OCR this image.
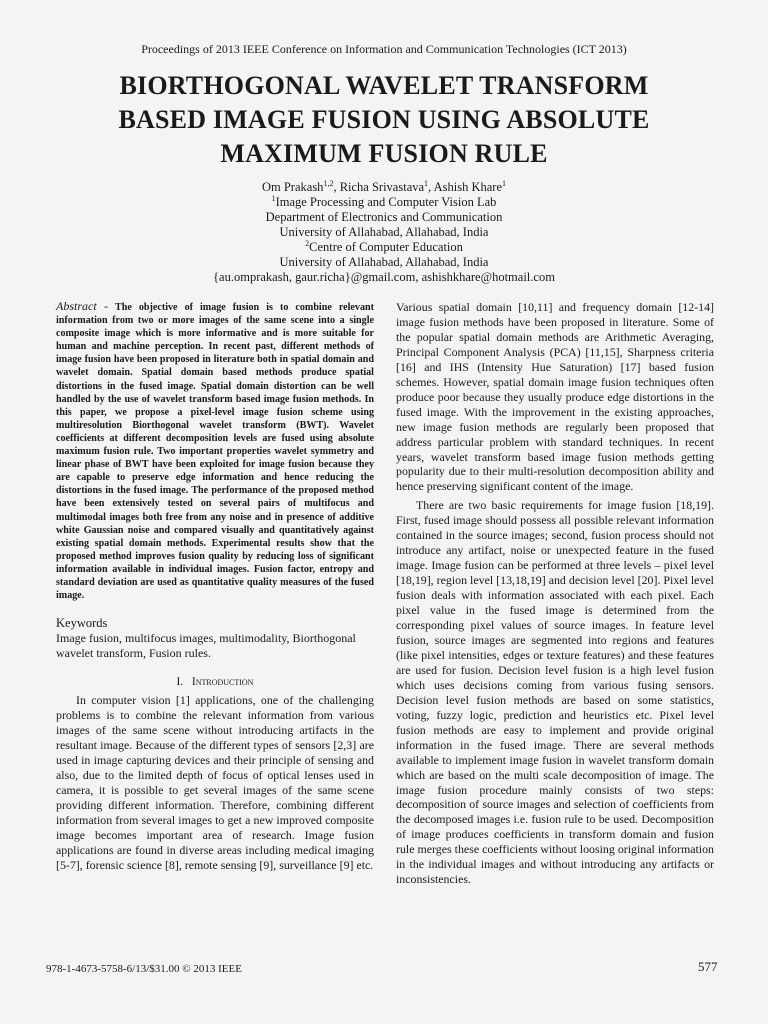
Proceedings of 2013 IEEE Conference on Information and Communication Technologies (ICT 2013)
BIORTHOGONAL WAVELET TRANSFORM
BASED IMAGE FUSION USING ABSOLUTE
MAXIMUM FUSION RULE
Om Prakash$^{1,2}$, Richa Srivastava$^1$, Ashish Khare$^1$
$^1$Image Processing and Computer Vision Lab
Department of Electronics and Communication
University of Allahabad, Allahabad, India
$^2$Centre of Computer Education
University of Allahabad, Allahabad, India
{au.omprakash, gaur.richa}@gmail.com, ashishkhare@hotmail.com
Abstract - The objective of image fusion is to combine relevant information from two or more images of the same scene into a single composite image which is more informative and is more suitable for human and machine perception. In recent past, different methods of image fusion have been proposed in literature both in spatial domain and wavelet domain. Spatial domain based methods produce spatial distortions in the fused image. Spatial domain distortion can be well handled by the use of wavelet transform based image fusion methods. In this paper, we propose a pixel-level image fusion scheme using multiresolution Biorthogonal wavelet transform (BWT). Wavelet coefficients at different decomposition levels are fused using absolute maximum fusion rule. Two important properties wavelet symmetry and linear phase of BWT have been exploited for image fusion because they are capable to preserve edge information and hence reducing the distortions in the fused image. The performance of the proposed method have been extensively tested on several pairs of multifocus and multimodal images both free from any noise and in presence of additive white Gaussian noise and compared visually and quantitatively against existing spatial domain methods. Experimental results show that the proposed method improves fusion quality by reducing loss of significant information available in individual images. Fusion factor, entropy and standard deviation are used as quantitative quality measures of the fused image.
Keywords
Image fusion, multifocus images, multimodality, Biorthogonal wavelet transform, Fusion rules.
I. Introduction

In computer vision [1] applications, one of the challenging problems is to combine the relevant information from various images of the same scene without introducing artifacts in the resultant image. Because of the different types of sensors [2,3] are used in image capturing devices and their principle of sensing and also, due to the limited depth of focus of optical lenses used in camera, it is possible to get several images of the same scene providing different information. Therefore, combining different information from several images to get a new improved composite image becomes important area of research. Image fusion applications are found in diverse areas including medical imaging [5-7], forensic science [8], remote sensing [9], surveillance [9] etc.

Various spatial domain [10,11] and frequency domain [12-14] image fusion methods have been proposed in literature. Some of the popular spatial domain methods are Arithmetic Averaging, Principal Component Analysis (PCA) [11,15], Sharpness criteria [16] and IHS (Intensity Hue Saturation) [17] based fusion schemes. However, spatial domain image fusion techniques often produce poor because they usually produce edge distortions in the fused image. With the improvement in the existing approaches, new image fusion methods are regularly been proposed that address particular problem with standard techniques. In recent years, wavelet transform based image fusion methods getting popularity due to their multi-resolution decomposition ability and hence preserving significant content of the image.

There are two basic requirements for image fusion [18,19]. First, fused image should possess all possible relevant information contained in the source images; second, fusion process should not introduce any artifact, noise or unexpected feature in the fused image. Image fusion can be performed at three levels – pixel level [18,19], region level [13,18,19] and decision level [20]. Pixel level fusion deals with information associated with each pixel. Each pixel value in the fused image is determined from the corresponding pixel values of source images. In feature level fusion, source images are segmented into regions and features (like pixel intensities, edges or texture features) and these features are used for fusion. Decision level fusion is a high level fusion which uses decisions coming from various fusing sensors. Decision level fusion methods are based on some statistics, voting, fuzzy logic, prediction and heuristics etc. Pixel level fusion methods are easy to implement and provide original information in the fused image. There are several methods available to implement image fusion in wavelet transform domain which are based on the multi scale decomposition of image. The image fusion procedure mainly consists of two steps: decomposition of source images and selection of coefficients from the decomposed images i.e. fusion rule to be used. Decomposition of image produces coefficients in transform domain and fusion rule merges these coefficients without loosing original information in the individual images and without introducing any artifacts or inconsistencies.

978-1-4673-5758-6/13/$31.00 © 2013 IEEE	577
